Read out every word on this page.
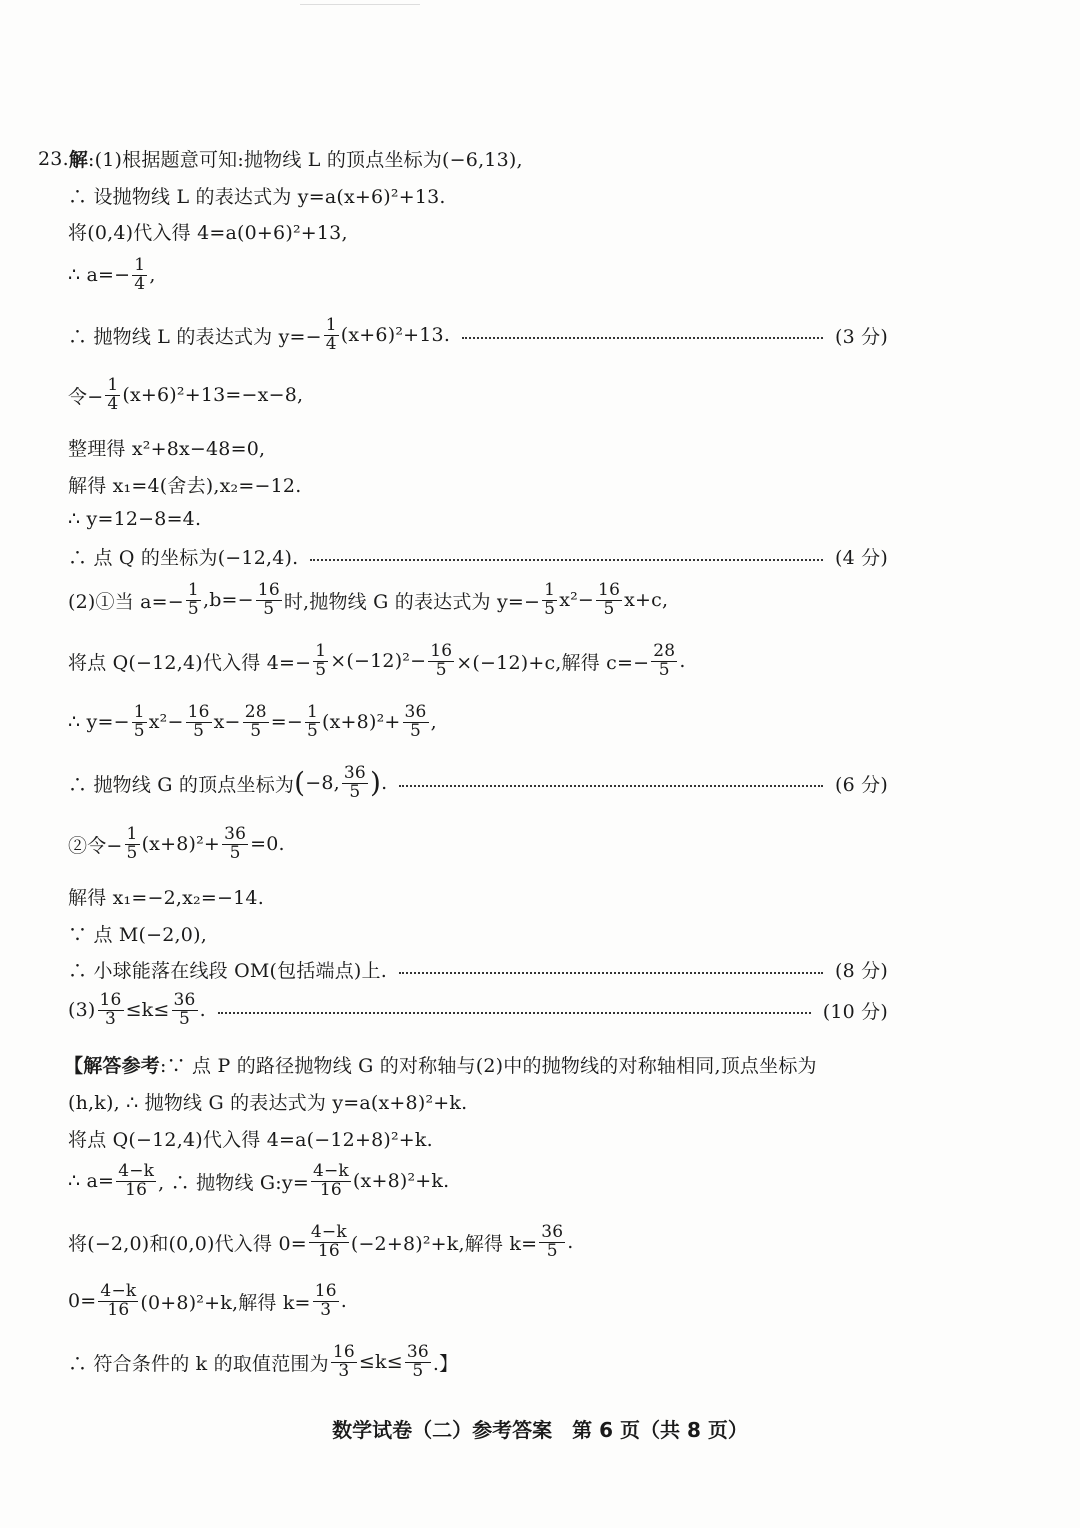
23. 解 :(1)根据题意可知:抛物线 L 的顶点坐标为(−6,13),
∴ 设抛物线 L 的表达式为 y=a(x+6)²+13.
将(0,4)代入得 4=a(0+6)²+13,
∴ $a=- \frac{1}{4}$ ,
∴ 抛物线 L 的表达式为 $y=- \frac{1}{4} (x+6)^2+13$.	(3 分)
令− $\frac{1}{4} (x+6)^2+13=-x-8$,
整理得 x²+8x−48=0,
解得 x₁=4(舍去),x₂=−12.
∴ y=12−8=4.
∴ 点 Q 的坐标为(−12,4).	(4 分)
(2)①当 $a=- \frac{1}{5} ,b=- \frac{16}{5}$ 时,抛物线 G 的表达式为 $y=- \frac{1}{5} x^2- \frac{16}{5} x+c$,
将点 Q(−12,4)代入得 $4=- \frac{1}{5} \times(-12)^2- \frac{16}{5} \times(-12)+c$,解得 $c=- \frac{28}{5}$ .
∴ $y=- \frac{1}{5} x^2- \frac{16}{5} x- \frac{28}{5} =- \frac{1}{5} (x+8)^2+ \frac{36}{5}$ ,
∴ 抛物线 G 的顶点坐标为 ( −8, 36
5 ) .	(6 分)
②令− $\frac{1}{5} (x+8)^2+ \frac{36}{5} =0$.
解得 x₁=−2,x₂=−14.
∵ 点 M(−2,0),
∴ 小球能落在线段 OM(包括端点)上.	(8 分)
$(3) \frac{16}{3} \le k\le \frac{36}{5}$ .	(10 分)
【解答参考 :∵ 点 P 的路径抛物线 G 的对称轴与(2)中的抛物线的对称轴相同,顶点坐标为
(h,k), ∴ 抛物线 G 的表达式为 y=a(x+8)²+k.
将点 Q(−12,4)代入得 4=a(−12+8)²+k.
∴ $a= \frac{4-k}{16}$ , ∴ 抛物线 G:y= $\frac{4-k}{16} (x+8)^2+k$.
将(−2,0)和(0,0)代入得 $0= \frac{4-k}{16} (-2+8)^2+k$,解得 $k= \frac{36}{5}$ .
$0= \frac{4-k}{16} (0+8)^2+k$,解得 $k= \frac{16}{3}$ .
∴ 符合条件的 k 的取值范围为 $\frac{16}{3} \le k\le \frac{36}{5}$ .】
数学试卷（二）参考答案　第 6 页（共 8 页）
